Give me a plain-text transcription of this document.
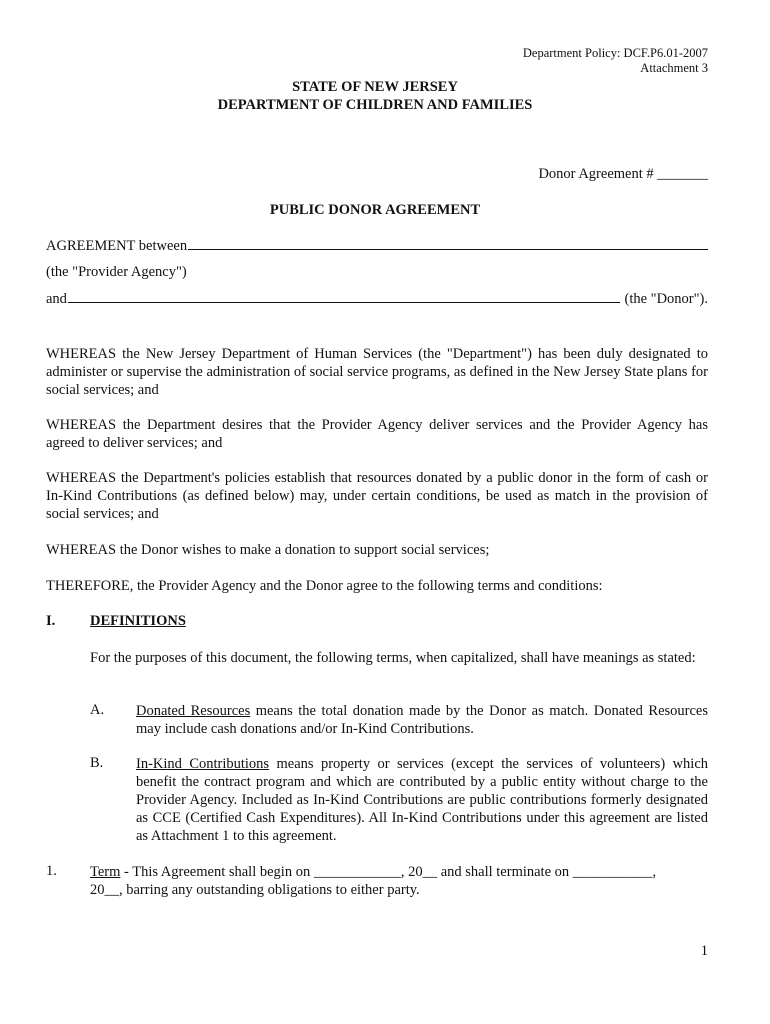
Department Policy: DCF.P6.01-2007
Attachment 3
STATE OF NEW JERSEY
DEPARTMENT OF CHILDREN AND FAMILIES
Donor Agreement # _______
PUBLIC DONOR AGREEMENT
AGREEMENT between
(the "Provider Agency")
and	(the "Donor").

WHEREAS the New Jersey Department of Human Services (the "Department") has been duly designated to administer or supervise the administration of social service programs, as defined in the New Jersey State plans for social services; and

WHEREAS the Department desires that the Provider Agency deliver services and the Provider Agency has agreed to deliver services; and

WHEREAS the Department's policies establish that resources donated by a public donor in the form of cash or In-Kind Contributions (as defined below) may, under certain conditions, be used as match in the provision of social services; and

WHEREAS the Donor wishes to make a donation to support social services;

THEREFORE, the Provider Agency and the Donor agree to the following terms and conditions:

I. DEFINITIONS

For the purposes of this document, the following terms, when capitalized, shall have meanings as stated:

A. Donated Resources means the total donation made by the Donor as match. Donated Resources may include cash donations and/or In-Kind Contributions.

B. In-Kind Contributions means property or services (except the services of volunteers) which benefit the contract program and which are contributed by a public entity without charge to the Provider Agency. Included as In-Kind Contributions are public contributions formerly designated as CCE (Certified Cash Expenditures). All In-Kind Contributions under this agreement are listed as Attachment 1 to this agreement.

1. Term - This Agreement shall begin on ____________, 20__ and shall terminate on ___________,
20__, barring any outstanding obligations to either party.

1
